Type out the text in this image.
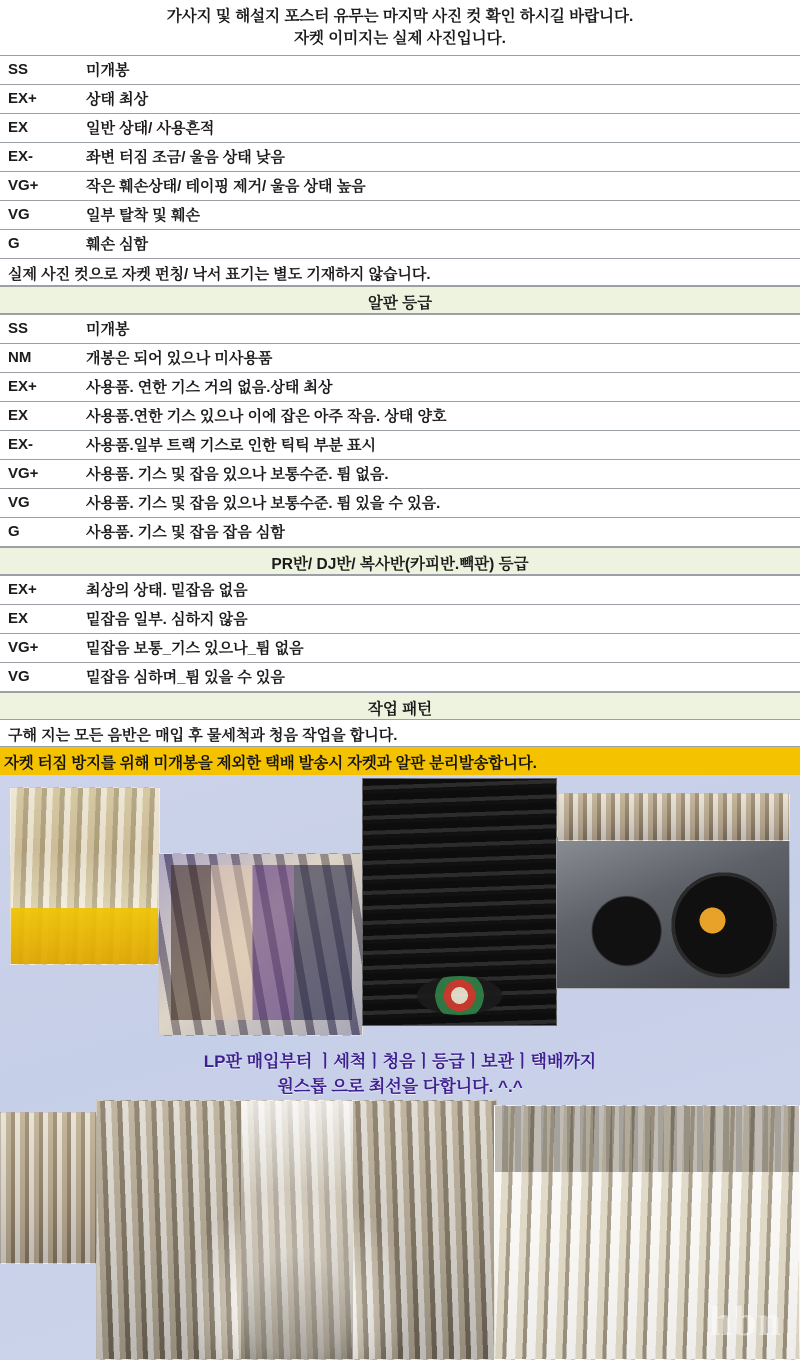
가사지 및 해설지 포스터 유무는 마지막 사진 컷 확인 하시길 바랍니다.
자켓 이미지는 실제 사진입니다.
SS	미개봉
EX+	상태 최상
EX	일반 상태/ 사용흔적
EX-	좌변 터짐 조금/ 울음 상태 낮음
VG+	작은 훼손상태/ 테이핑 제거/ 울음 상태 높음
VG	일부 탈착 및 훼손
G	훼손 심함
실제 사진 컷으로 자켓 펀칭/ 낙서 표기는 별도 기재하지 않습니다.
알판 등급
SS	미개봉
NM	개봉은 되어 있으나 미사용품
EX+	사용품. 연한 기스 거의 없음.상태 최상
EX	사용품.연한 기스 있으나 이에 잡은 아주 작음. 상태 양호
EX-	사용품.일부 트랙 기스로 인한 틱틱 부분 표시
VG+	사용품. 기스 및 잡음 있으나 보통수준. 튐 없음.
VG	사용품. 기스 및 잡음 있으나 보통수준. 튐 있을 수 있음.
G	사용품. 기스 및 잡음 잡음 심함
PR반/ DJ반/ 복사반(카피반.빽판) 등급
EX+	최상의 상태. 밑잡음 없음
EX	밑잡음 일부. 심하지 않음
VG+	밑잡음 보통_기스 있으나_튐 없음
VG	밑잡음 심하며_튐 있을 수 있음
작업 패턴
구해 지는 모든 음반은 매입 후 물세척과 청음 작업을 합니다.
자켓 터짐 방지를 위해 미개봉을 제외한 택배 발송시 자켓과 알판 분리발송합니다.
LP판 매입부터 ㅣ세척ㅣ청음ㅣ등급ㅣ보관ㅣ택배까지
원스톱 으로 최선을 다합니다. ^.^
hbn
